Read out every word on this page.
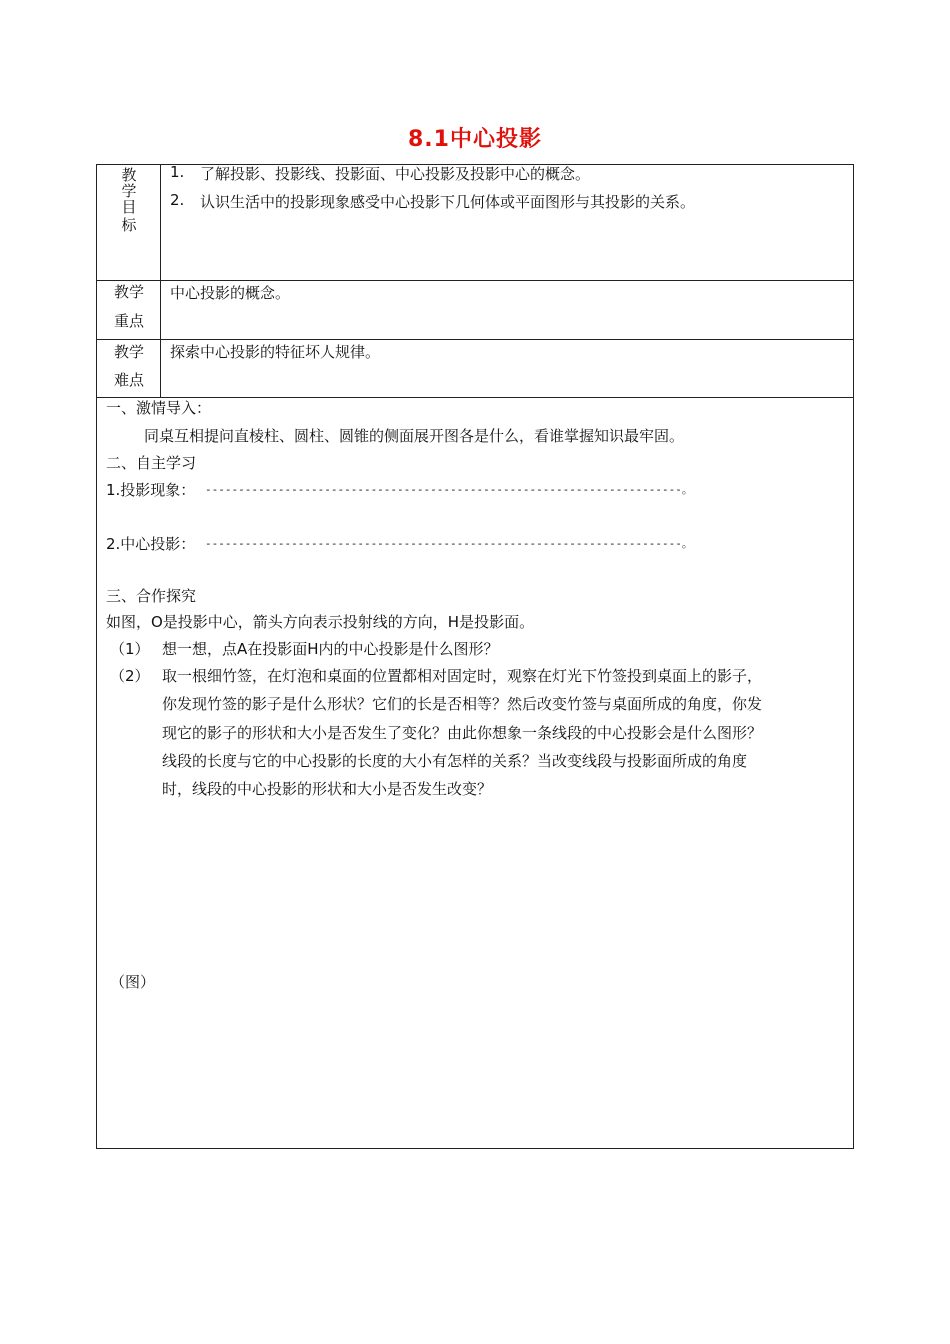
8.1中心投影
教
学
目
标
1. 了解投影、投影线、投影面、中心投影及投影中心的概念。
2. 认识生活中的投影现象感受中心投影下几何体或平面图形与其投影的关系。
教学
重点
中心投影的概念。
教学
难点
探索中心投影的特征坏人规律。
一、激情导入：
同桌互相提问直棱柱、圆柱、圆锥的侧面展开图各是什么，看谁掌握知识最牢固。
二、自主学习
1.投影现象： ------------------------------------------------------------------------。
2.中心投影： ------------------------------------------------------------------------。
三、合作探究
如图，O是投影中心，箭头方向表示投射线的方向，H是投影面。
（1） 想一想，点A在投影面H内的中心投影是什么图形？
（2） 取一根细竹签，在灯泡和桌面的位置都相对固定时，观察在灯光下竹签投到桌面上的影子，
你发现竹签的影子是什么形状？它们的长是否相等？然后改变竹签与桌面所成的角度，你发
现它的影子的形状和大小是否发生了变化？由此你想象一条线段的中心投影会是什么图形？
线段的长度与它的中心投影的长度的大小有怎样的关系？当改变线段与投影面所成的角度
时，线段的中心投影的形状和大小是否发生改变？
（图）
